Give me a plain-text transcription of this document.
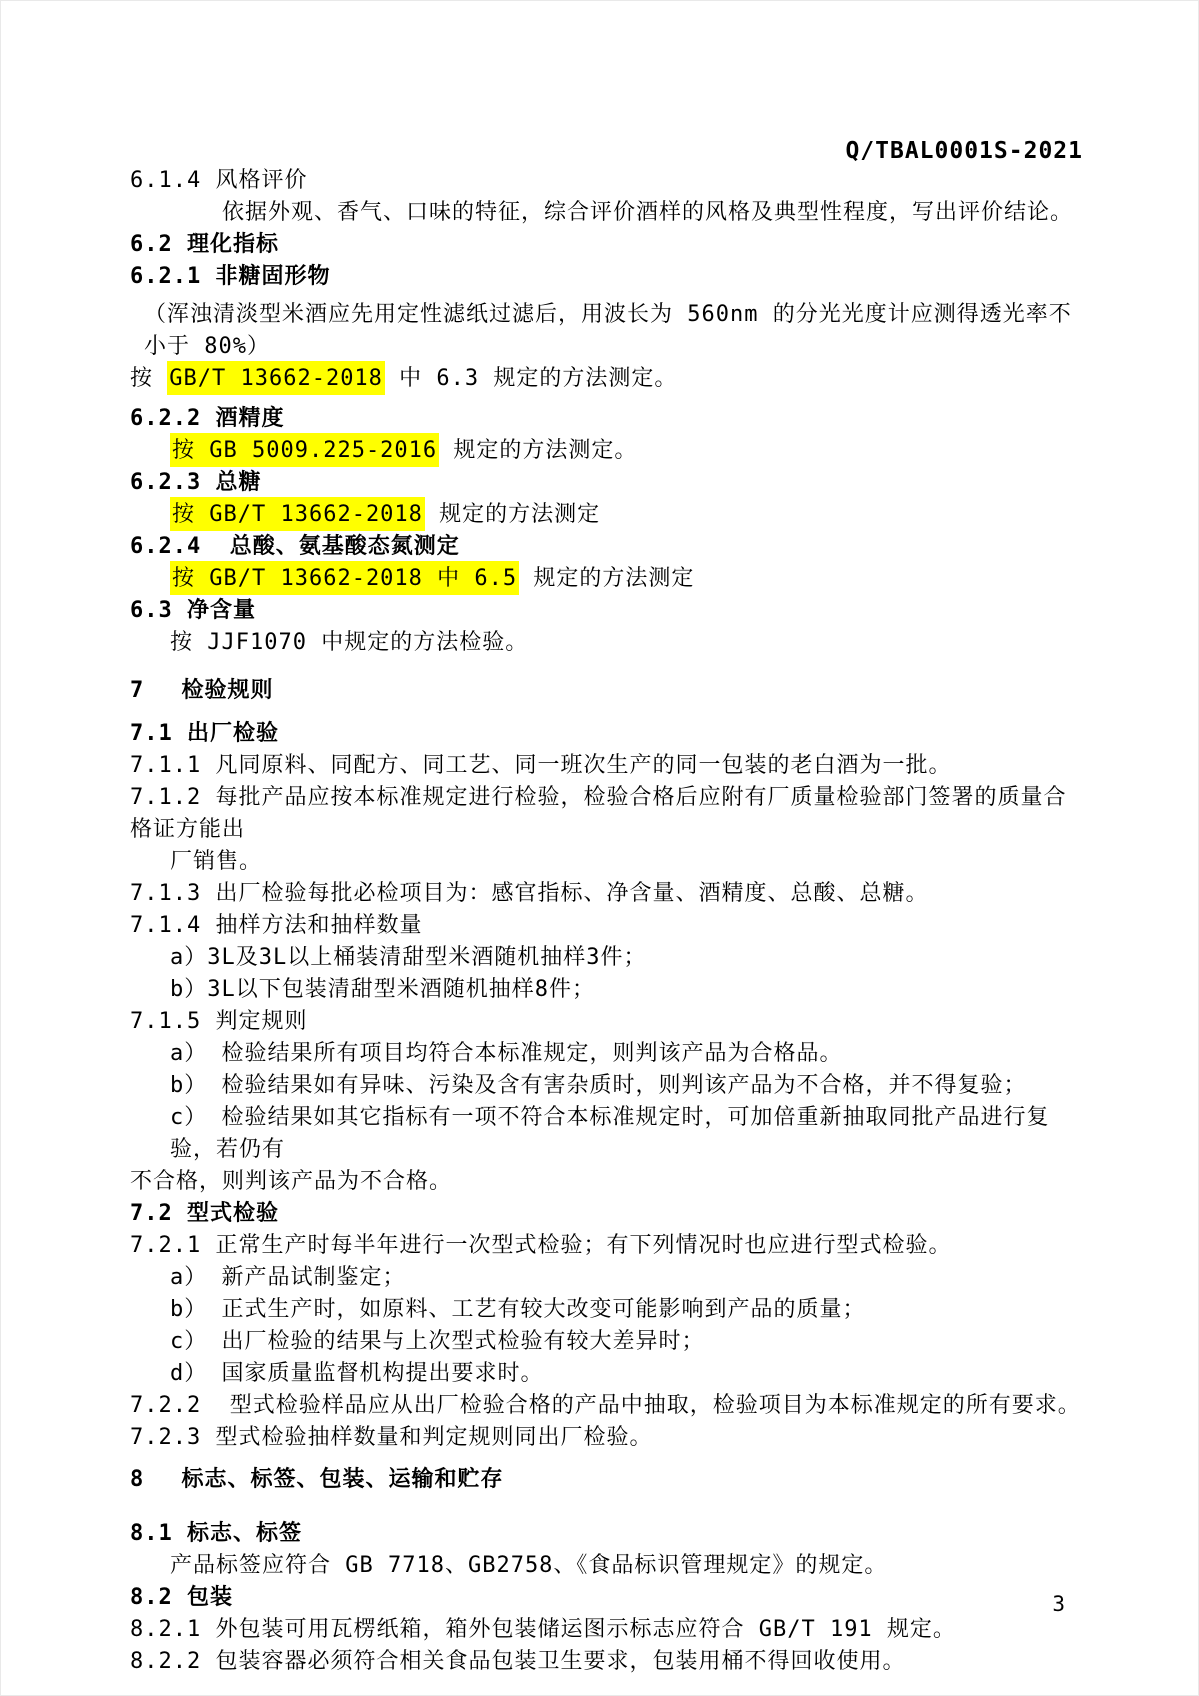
Q/TBAL0001S-2021
6.1.4 风格评价
依据外观、香气、口味的特征，综合评价酒样的风格及典型性程度，写出评价结论。
6.2 理化指标
6.2.1 非糖固形物
（浑浊清淡型米酒应先用定性滤纸过滤后，用波长为 560nm 的分光光度计应测得透光率不小于 80%）
按 GB/T 13662-2018 中 6.3 规定的方法测定。
6.2.2 酒精度
按 GB 5009.225-2016 规定的方法测定。
6.2.3 总糖
按 GB/T 13662-2018 规定的方法测定
6.2.4  总酸、氨基酸态氮测定
按 GB/T 13662-2018 中 6.5 规定的方法测定
6.3 净含量
按 JJF1070 中规定的方法检验。
7　 检验规则
7.1 出厂检验
7.1.1 凡同原料、同配方、同工艺、同一班次生产的同一包装的老白酒为一批。
7.1.2 每批产品应按本标准规定进行检验，检验合格后应附有厂质量检验部门签署的质量合格证方能出
厂销售。
7.1.3 出厂检验每批必检项目为：感官指标、净含量、酒精度、总酸、总糖。
7.1.4 抽样方法和抽样数量
a）3L及3L以上桶装清甜型米酒随机抽样3件；
b）3L以下包装清甜型米酒随机抽样8件；
7.1.5 判定规则
a） 检验结果所有项目均符合本标准规定，则判该产品为合格品。
b） 检验结果如有异味、污染及含有害杂质时，则判该产品为不合格，并不得复验；
c） 检验结果如其它指标有一项不符合本标准规定时，可加倍重新抽取同批产品进行复验，若仍有
不合格，则判该产品为不合格。
7.2 型式检验
7.2.1 正常生产时每半年进行一次型式检验；有下列情况时也应进行型式检验。
a） 新产品试制鉴定；
b） 正式生产时，如原料、工艺有较大改变可能影响到产品的质量；
c） 出厂检验的结果与上次型式检验有较大差异时；
d） 国家质量监督机构提出要求时。
7.2.2  型式检验样品应从出厂检验合格的产品中抽取，检验项目为本标准规定的所有要求。
7.2.3 型式检验抽样数量和判定规则同出厂检验。
8　 标志、标签、包装、运输和贮存
8.1 标志、标签
产品标签应符合 GB 7718、GB2758、《食品标识管理规定》的规定。
8.2 包装
8.2.1 外包装可用瓦楞纸箱，箱外包装储运图示标志应符合 GB/T 191 规定。
8.2.2 包装容器必须符合相关食品包装卫生要求，包装用桶不得回收使用。
3
